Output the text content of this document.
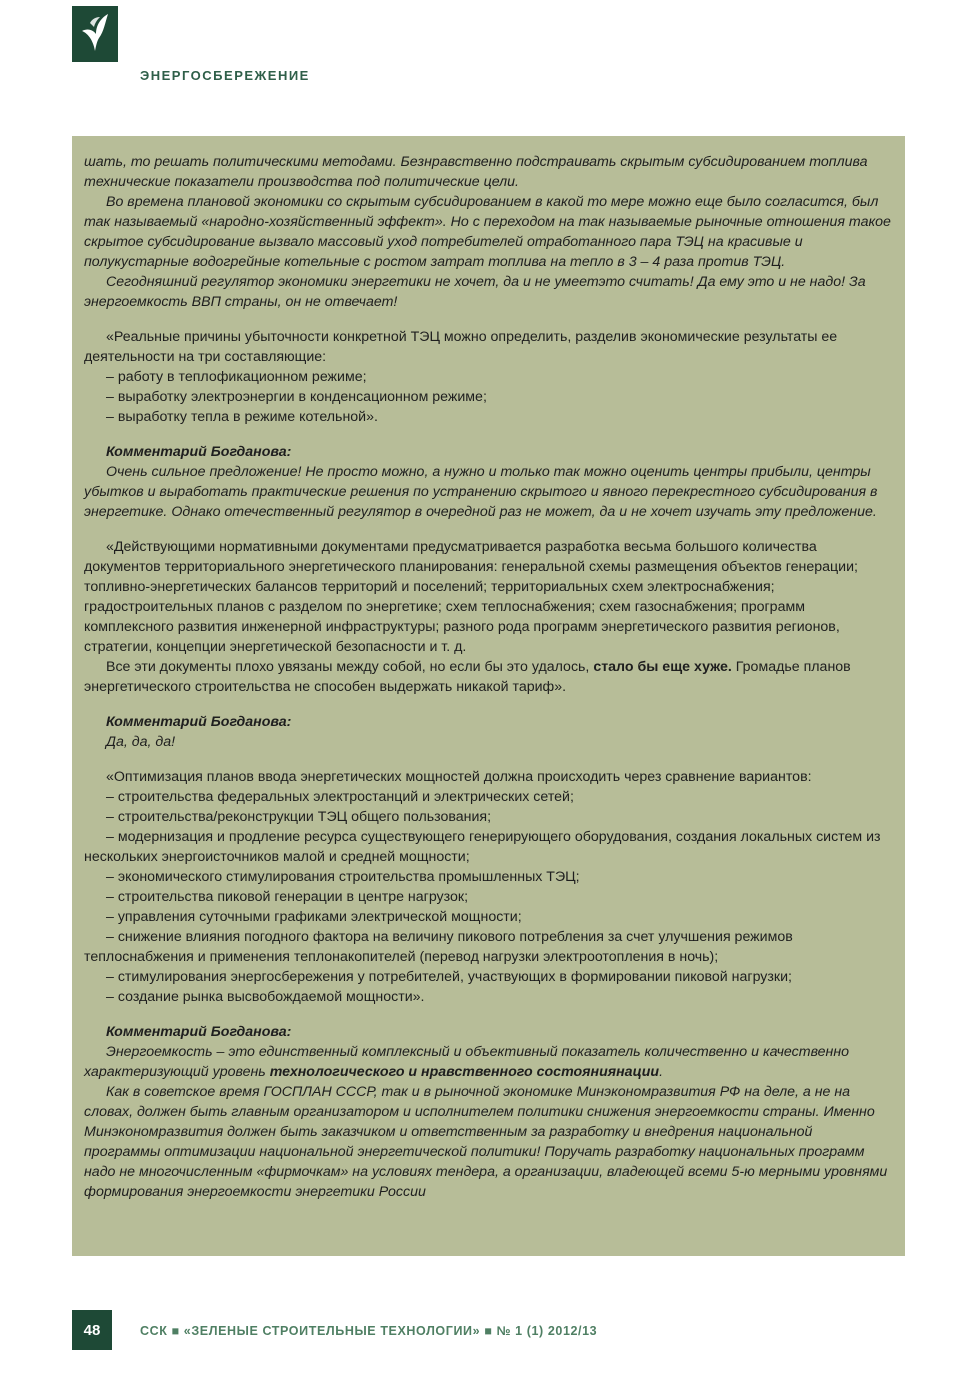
ЭНЕРГОСБЕРЕЖЕНИЕ

шать, то решать политическими методами. Безнравственно подстраивать скрытым субсидированием топлива технические показатели производства под политические цели.

Во времена плановой экономики со скрытым субсидированием в какой то мере можно еще было согласится, был так называемый «народно-хозяйственный эффект». Но с переходом на так называемые рыночные отношения такое скрытое субсидирование вызвало массовый уход потребителей отработанного пара ТЭЦ на красивые и полукустарные водогрейные котельные с ростом затрат топлива на тепло в 3 – 4 раза против ТЭЦ.

Сегодняшний регулятор экономики энергетики не хочет, да и не умеетэто считать! Да ему это и не надо! За энергоемкость ВВП страны, он не отвечает!

«Реальные причины убыточности конкретной ТЭЦ можно определить, разделив экономические результаты ее деятельности на три составляющие:

– работу в теплофикационном режиме;

– выработку электроэнергии в конденсационном режиме;

– выработку тепла в режиме котельной».

Комментарий Богданова:

Очень сильное предложение! Не просто можно, а нужно и только так можно оценить центры прибыли, центры убытков и выработать практические решения по устранению скрытого и явного перекрестного субсидирования в энергетике. Однако отечественный регулятор в очередной раз не может, да и не хочет изучать эту предложение.

«Действующими нормативными документами предусматривается разработка весьма большого количества документов территориального энергетического планирования: генеральной схемы размещения объектов генерации; топливно-энергетических балансов территорий и поселений; территориальных схем электроснабжения; градостроительных планов с разделом по энергетике; схем теплоснабжения; схем газоснабжения; программ комплексного развития инженерной инфраструктуры; разного рода программ энергетического развития регионов, стратегии, концепции энергетической безопасности и т. д.

Все эти документы плохо увязаны между собой, но если бы это удалось, стало бы еще хуже. Громадье планов энергетического строительства не способен выдержать никакой тариф».

Комментарий Богданова:

Да, да, да!

«Оптимизация планов ввода энергетических мощностей должна происходить через сравнение вариантов:

– строительства федеральных электростанций и электрических сетей;

– строительства/реконструкции ТЭЦ общего пользования;

– модернизация и продление ресурса существующего генерирующего оборудования, создания локальных систем из нескольких энергоисточников малой и средней мощности;

– экономического стимулирования строительства промышленных ТЭЦ;

– строительства пиковой генерации в центре нагрузок;

– управления суточными графиками электрической мощности;

– снижение влияния погодного фактора на величину пикового потребления за счет улучшения режимов теплоснабжения и применения теплонакопителей (перевод нагрузки электроотопления в ночь);

– стимулирования энергосбережения у потребителей, участвующих в формировании пиковой нагрузки;

– создание рынка высвобождаемой мощности».

Комментарий Богданова:

Энергоемкость – это единственный комплексный и объективный показатель количественно и качественно характеризующий уровень технологического и нравственного состояниянации.

Как в советское время ГОСПЛАН СССР, так и в рыночной экономике Минэкономразвития РФ на деле, а не на словах, должен быть главным организатором и исполнителем политики снижения энергоемкости страны. Именно Минэкономразвития должен быть заказчиком и ответственным за разработку и внедрения национальной программы оптимизации национальной энергетической политики! Поручать разработку национальных программ надо не многочисленным «фирмочкам» на условиях тендера, а организации, владеющей всеми 5-ю мерными уровнями формирования энергоемкости энергетики России

48	ССК ■ «ЗЕЛЕНЫЕ СТРОИТЕЛЬНЫЕ ТЕХНОЛОГИИ» ■ № 1 (1) 2012/13
